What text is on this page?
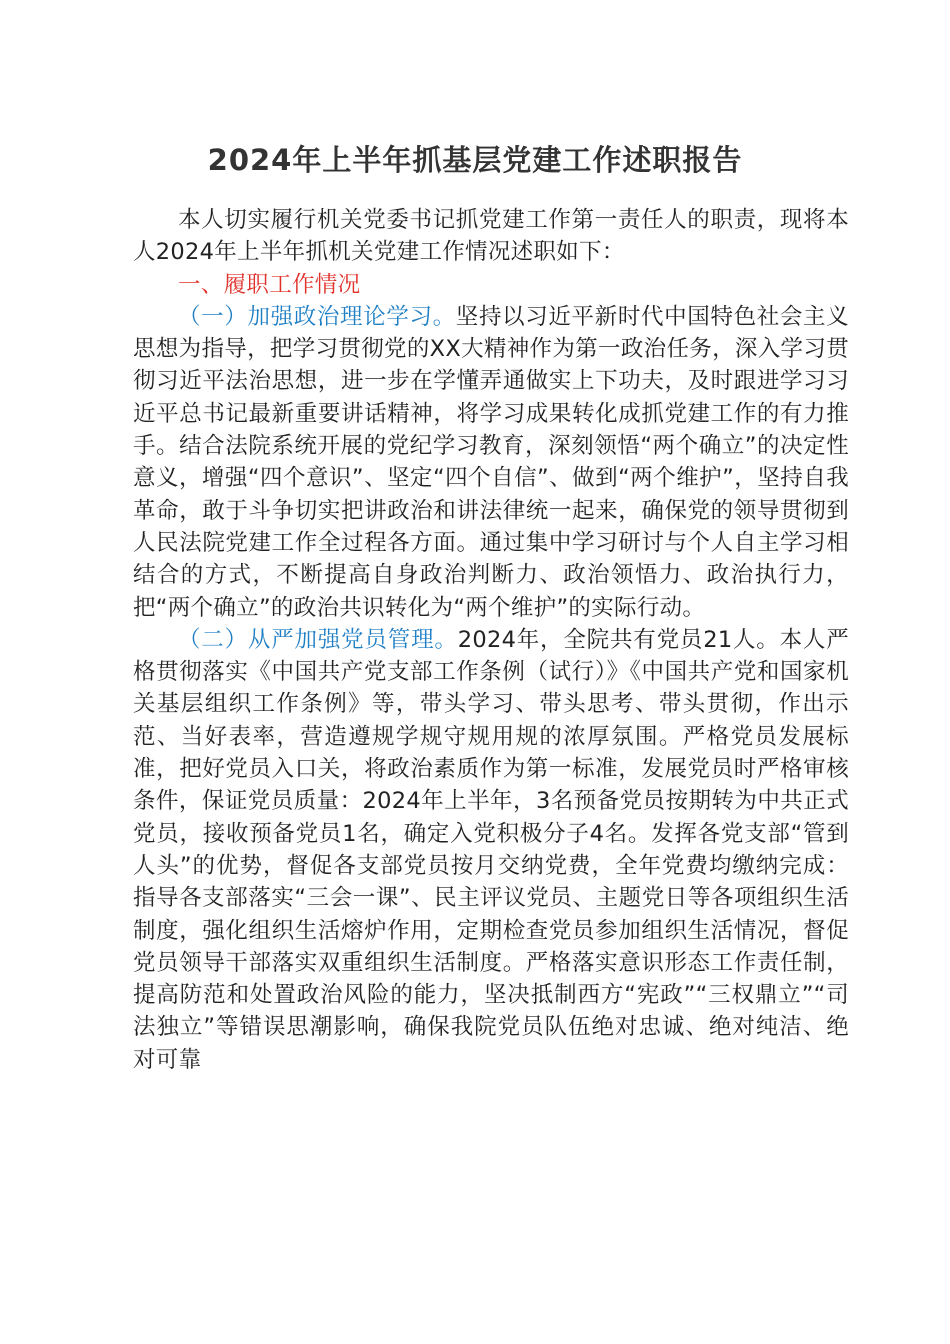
2024年上半年抓基层党建工作述职报告

本人切实履行机关党委书记抓党建工作第一责任人的职责，现将本人2024年上半年抓机关党建工作情况述职如下：

一、履职工作情况

（一）加强政治理论学习。坚持以习近平新时代中国特色社会主义思想为指导，把学习贯彻党的XX大精神作为第一政治任务，深入学习贯彻习近平法治思想，进一步在学懂弄通做实上下功夫，及时跟进学习习近平总书记最新重要讲话精神，将学习成果转化成抓党建工作的有力推手。结合法院系统开展的党纪学习教育，深刻领悟“两个确立”的决定性意义，增强“四个意识”、坚定“四个自信”、做到“两个维护”，坚持自我革命，敢于斗争切实把讲政治和讲法律统一起来，确保党的领导贯彻到人民法院党建工作全过程各方面。通过集中学习研讨与个人自主学习相结合的方式，不断提高自身政治判断力、政治领悟力、政治执行力，把“两个确立”的政治共识转化为“两个维护”的实际行动。

（二）从严加强党员管理。2024年，全院共有党员21人。本人严格贯彻落实《中国共产党支部工作条例（试行）》《中国共产党和国家机关基层组织工作条例》等，带头学习、带头思考、带头贯彻，作出示范、当好表率，营造遵规学规守规用规的浓厚氛围。严格党员发展标准，把好党员入口关，将政治素质作为第一标准，发展党员时严格审核条件，保证党员质量：2024年上半年，3名预备党员按期转为中共正式党员，接收预备党员1名，确定入党积极分子4名。发挥各党支部“管到人头”的优势，督促各支部党员按月交纳党费，全年党费均缴纳完成：指导各支部落实“三会一课”、民主评议党员、主题党日等各项组织生活制度，强化组织生活熔炉作用，定期检查党员参加组织生活情况，督促党员领导干部落实双重组织生活制度。严格落实意识形态工作责任制，提高防范和处置政治风险的能力，坚决抵制西方“宪政”“三权鼎立”“司法独立”等错误思潮影响，确保我院党员队伍绝对忠诚、绝对纯洁、绝对可靠
